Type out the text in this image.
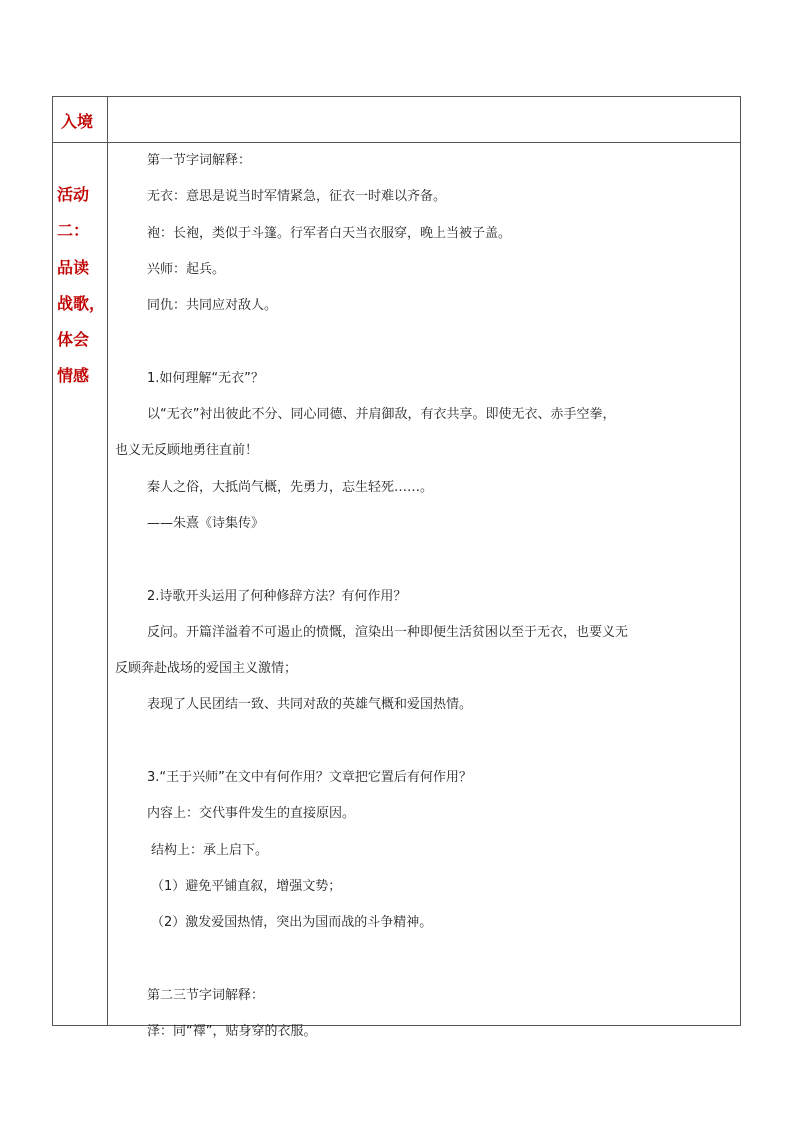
入境
活动
二：
品读
战歌，
体会
情感
第一节字词解释：
无衣：意思是说当时军情紧急，征衣一时难以齐备。
袍：长袍，类似于斗篷。行军者白天当衣服穿，晚上当被子盖。
兴师：起兵。
同仇：共同应对敌人。
1.如何理解“无衣”？
以“无衣”衬出彼此不分、同心同德、并肩御敌，有衣共享。即使无衣、赤手空拳，
也义无反顾地勇往直前！
秦人之俗，大抵尚气概，先勇力，忘生轻死……。
——朱熹《诗集传》
2.诗歌开头运用了何种修辞方法？有何作用？
反问。开篇洋溢着不可遏止的愤慨，渲染出一种即便生活贫困以至于无衣，也要义无
反顾奔赴战场的爱国主义激情；
表现了人民团结一致、共同对敌的英雄气概和爱国热情。
3.“王于兴师”在文中有何作用？文章把它置后有何作用？
内容上：交代事件发生的直接原因。
结构上：承上启下。
（1）避免平铺直叙，增强文势；
（2）激发爱国热情，突出为国而战的斗争精神。
第二三节字词解释：
泽：同“襗”，贴身穿的衣服。
